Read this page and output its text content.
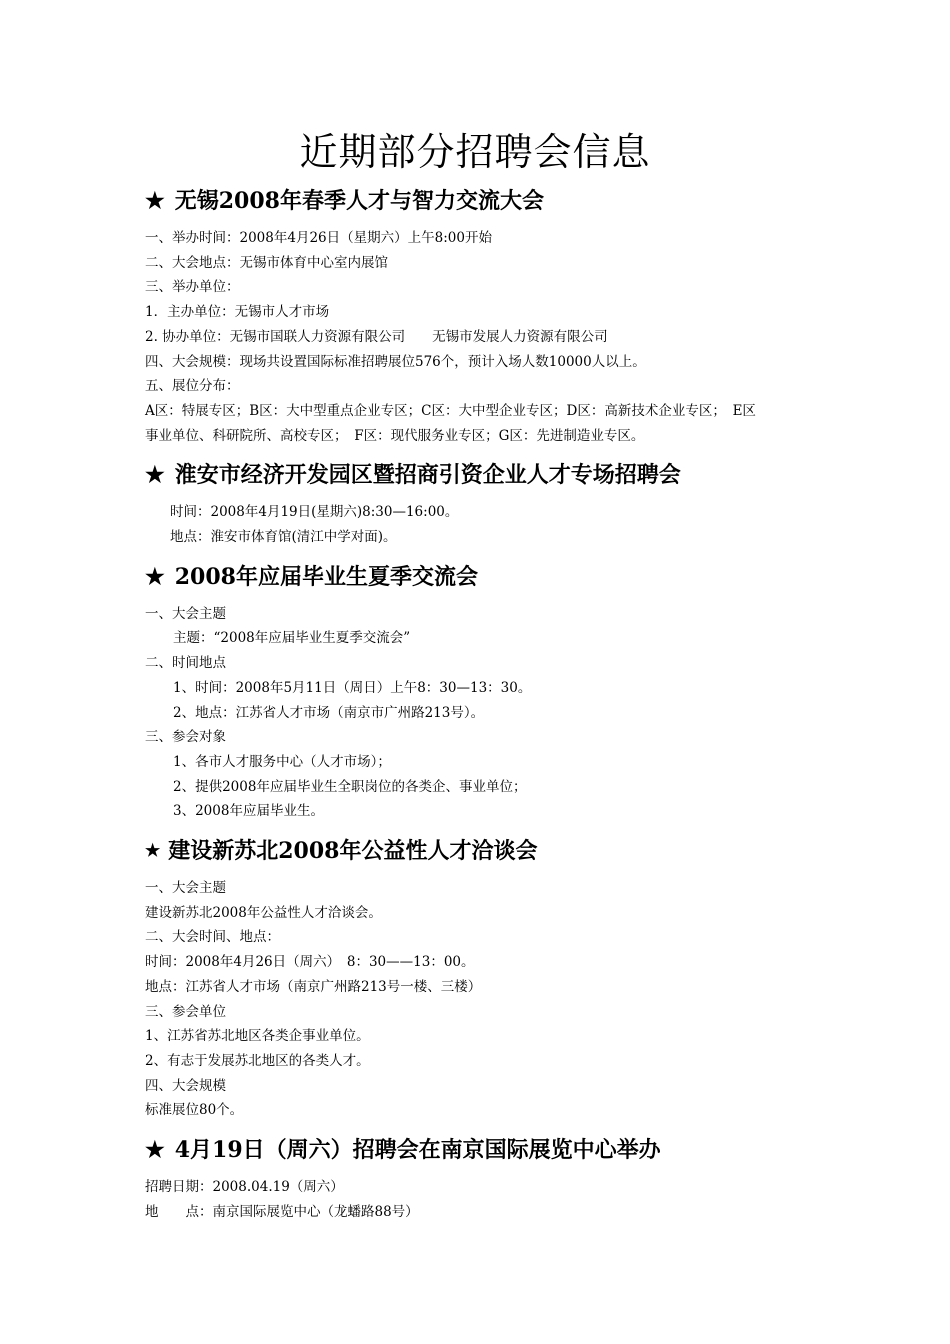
近期部分招聘会信息
★ 无锡2008年春季人才与智力交流大会

一、举办时间：2008年4月26日（星期六）上午8:00开始

二、大会地点：无锡市体育中心室内展馆

三、举办单位：

1．主办单位：无锡市人才市场

2. 协办单位：无锡市国联人力资源有限公司　　无锡市发展人力资源有限公司

四、大会规模：现场共设置国际标准招聘展位576个，预计入场人数10000人以上。

五、展位分布：

A区：特展专区；B区：大中型重点企业专区；C区：大中型企业专区；D区：高新技术企业专区；　E区

事业单位、科研院所、高校专区；　F区：现代服务业专区；G区：先进制造业专区。

★ 淮安市经济开发园区暨招商引资企业人才专场招聘会

时间：2008年4月19日(星期六)8:30—16:00。

地点：淮安市体育馆(清江中学对面)。

★ 2008年应届毕业生夏季交流会

一、大会主题

主题：“2008年应届毕业生夏季交流会”

二、时间地点

1、时间：2008年5月11日（周日）上午8：30—13：30。

2、地点：江苏省人才市场（南京市广州路213号）。

三、参会对象

1、各市人才服务中心（人才市场）；

2、提供2008年应届毕业生全职岗位的各类企、事业单位；

3、2008年应届毕业生。

★ 建设新苏北2008年公益性人才洽谈会

一、大会主题

建设新苏北2008年公益性人才洽谈会。

二、大会时间、地点：

时间：2008年4月26日（周六）　8：30——13：00。

地点：江苏省人才市场（南京广州路213号一楼、三楼）

三、参会单位

1、江苏省苏北地区各类企事业单位。

2、有志于发展苏北地区的各类人才。

四、大会规模

标准展位80个。

★ 4月19日（周六）招聘会在南京国际展览中心举办

招聘日期：2008.04.19（周六）

地　　点：南京国际展览中心（龙蟠路88号）
